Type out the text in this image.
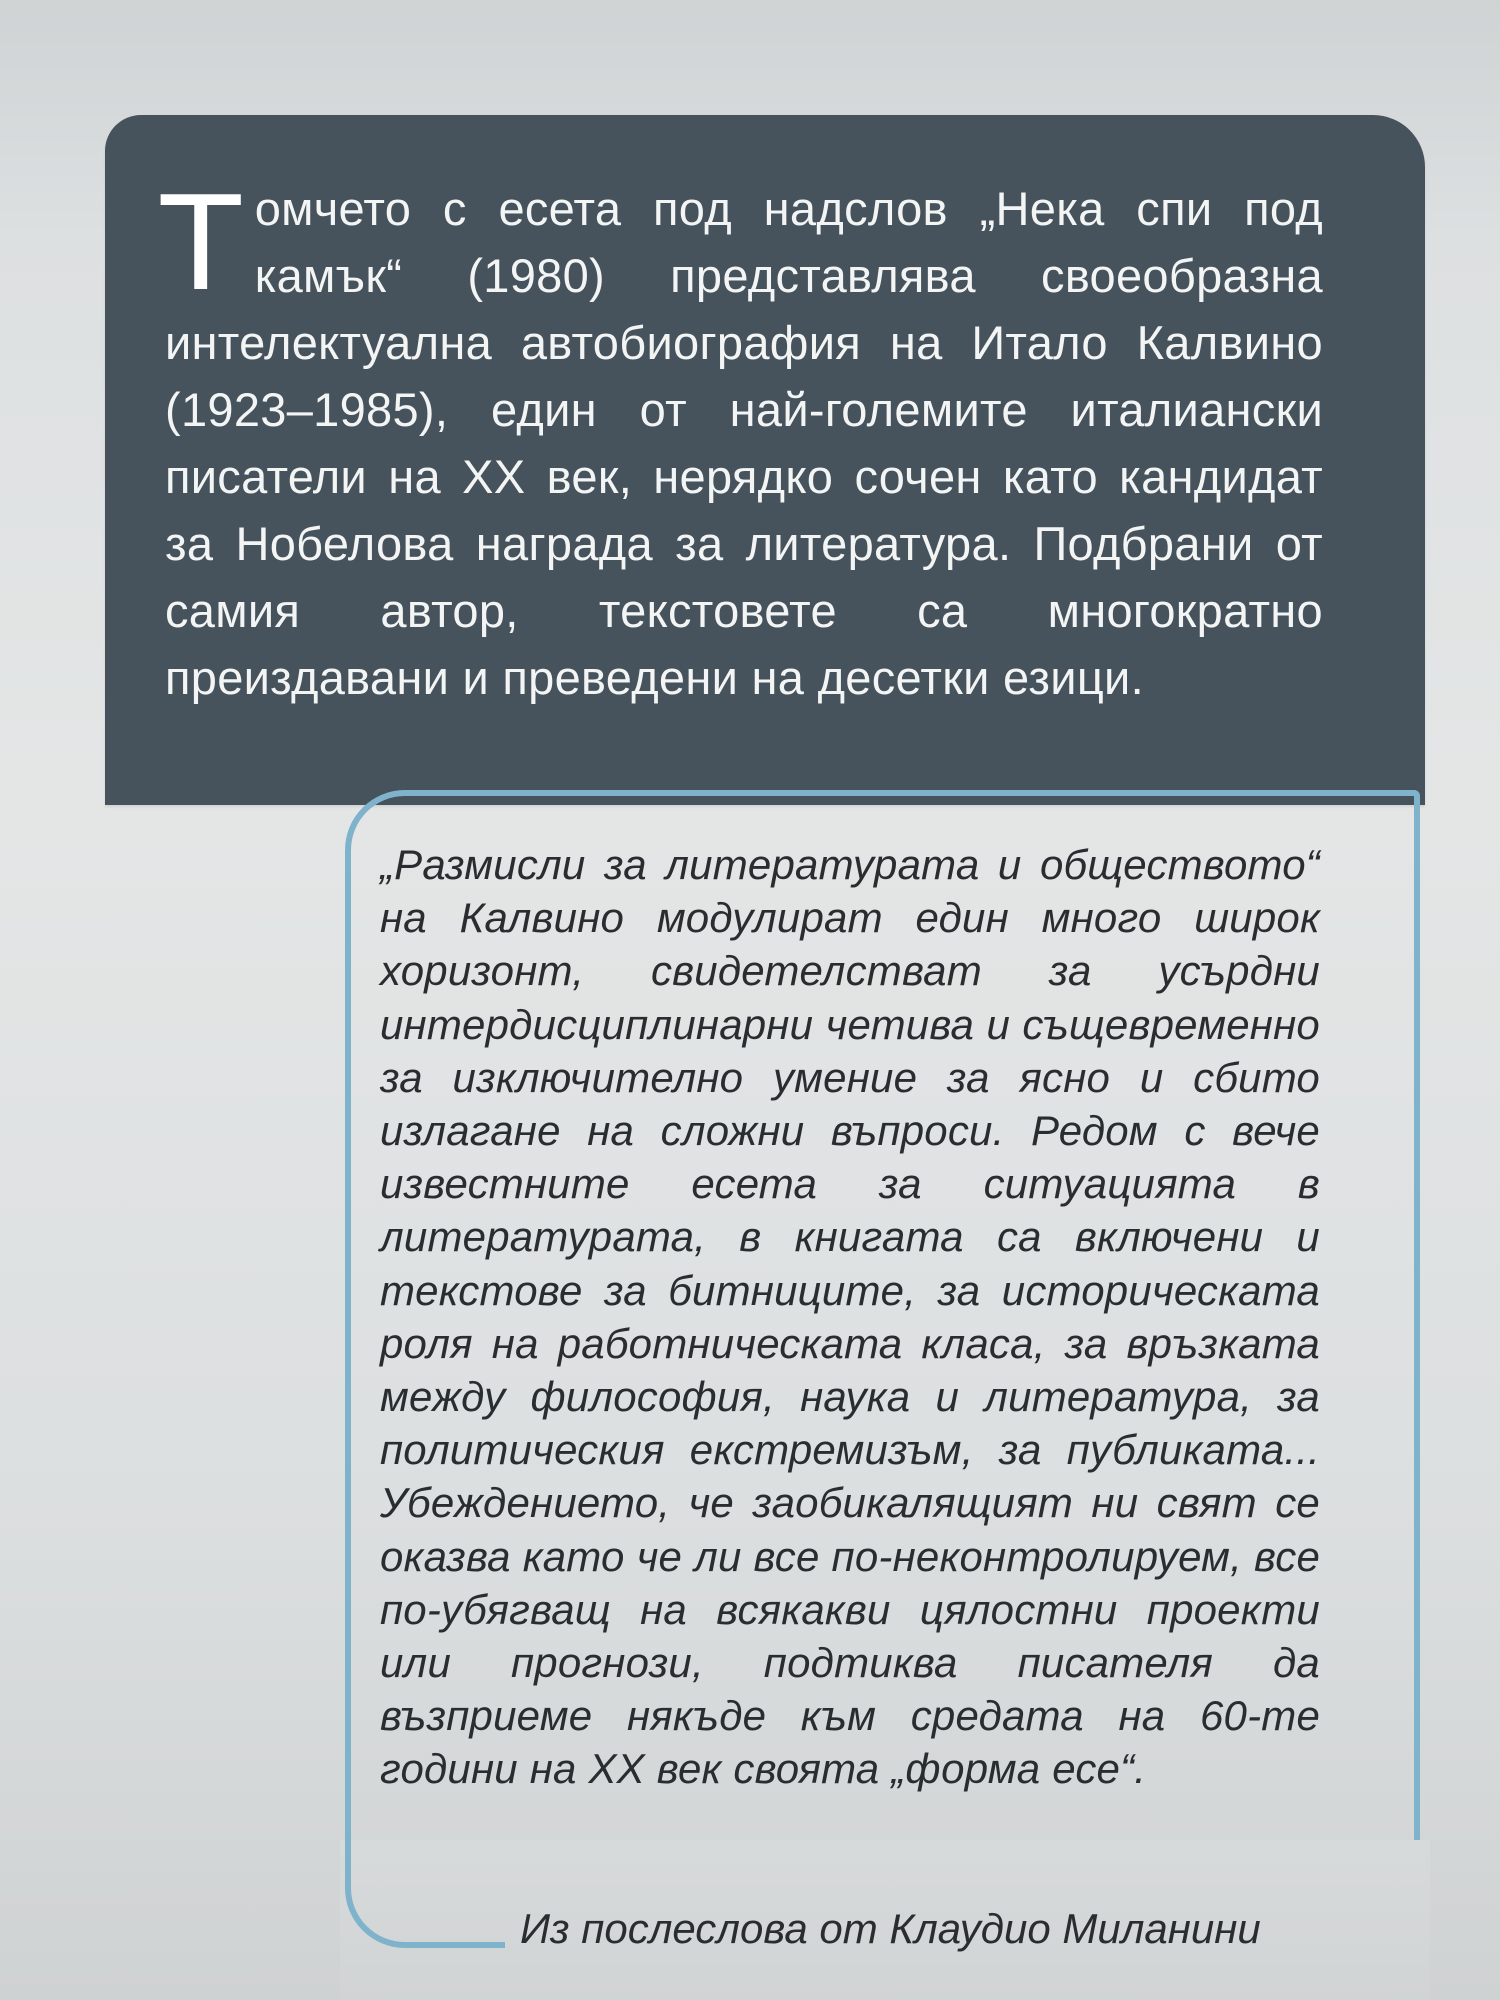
Т омчето с есета под надслов „Нека спи под камък“ (1980) представлява своеобразна интелектуална автобиография на Итало Калвино (1923–1985), един от най-големите италиански писатели на XX век, нерядко сочен като кандидат за Нобелова награда за литература. Подбрани от самия автор, текстовете са многократно преиздавани и преведени на десетки езици.
„Размисли за литературата и обществото“ на Калвино модулират един много широк хоризонт, свидетелстват за усърдни интердисциплинарни четива и същевременно за изключително умение за ясно и сбито излагане на сложни въпроси. Редом с вече известните есета за ситуацията в литературата, в книгата са включени и текстове за битниците, за историческата роля на работническата класа, за връзката между философия, наука и литература, за политическия екстремизъм, за публиката... Убеждението, че заобикалящият ни свят се оказва като че ли все по-неконтролируем, все по-убягващ на всякакви цялостни проекти или прогнози, подтиква писателя да възприеме някъде към средата на 60-те години на XX век своята „форма есе“.
Из послеслова от Клаудио Миланини
